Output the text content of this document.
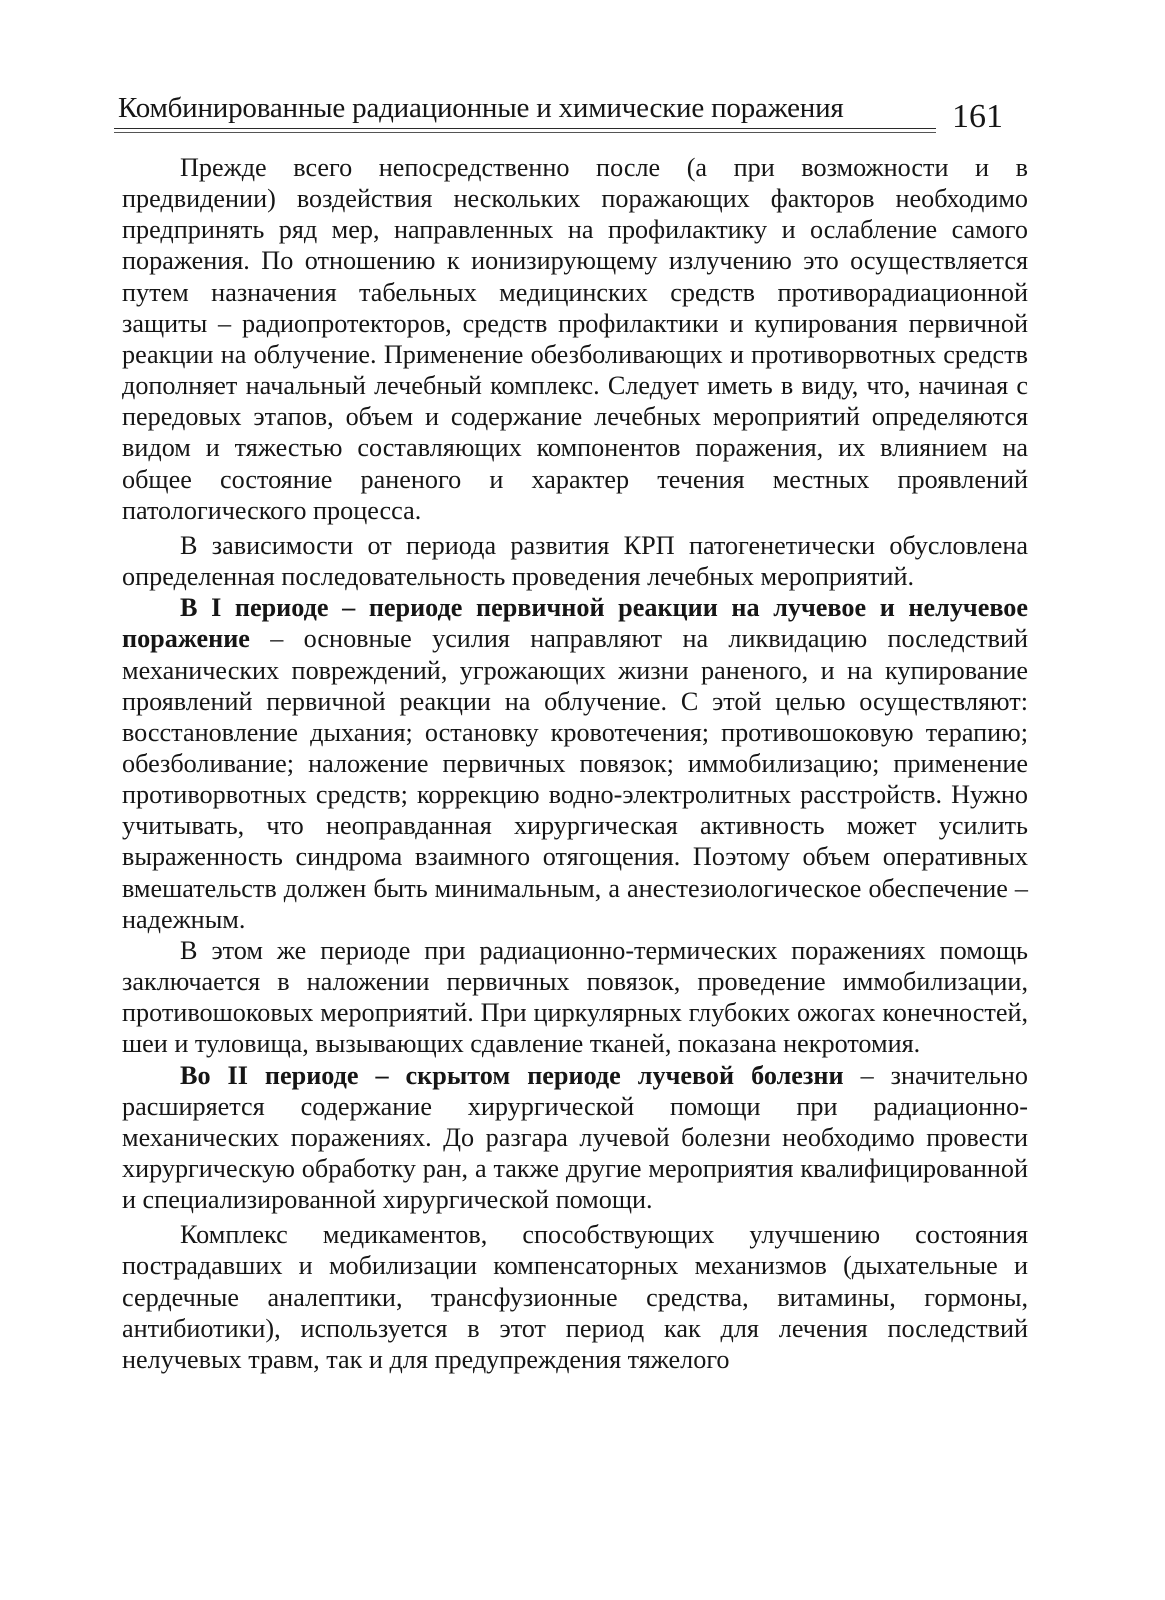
Комбинированные радиационные и химические поражения	161

Прежде всего непосредственно после (а при возможности и в предвидении) воздействия нескольких поражающих факторов необходимо предпринять ряд мер, направленных на профилактику и ослабление самого поражения. По отношению к ионизирующему излучению это осуществляется путем назначения табельных медицинских средств противорадиационной защиты – радиопротекторов, средств профилактики и купирования первичной реакции на облучение. Применение обезболивающих и противорвотных средств дополняет начальный лечебный комплекс. Следует иметь в виду, что, начиная с передовых этапов, объем и содержание лечебных мероприятий определяются видом и тяжестью составляющих компонентов поражения, их влиянием на общее состояние раненого и характер течения местных проявлений патологического процесса.

В зависимости от периода развития КРП патогенетически обусловлена определенная последовательность проведения лечебных мероприятий.

В I периоде – периоде первичной реакции на лучевое и нелучевое поражение – основные усилия направляют на ликвидацию последствий механических повреждений, угрожающих жизни раненого, и на купирование проявлений первичной реакции на облучение. С этой целью осуществляют: восстановление дыхания; остановку кровотечения; противошоковую терапию; обезболивание; наложение первичных повязок; иммобилизацию; применение противорвотных средств; коррекцию водно-электролитных расстройств. Нужно учитывать, что неоправданная хирургическая активность может усилить выраженность синдрома взаимного отягощения. Поэтому объем оперативных вмешательств должен быть минимальным, а анестезиологическое обеспечение – надежным.

В этом же периоде при радиационно-термических поражениях помощь заключается в наложении первичных повязок, проведение иммобилизации, противошоковых мероприятий. При циркулярных глубоких ожогах конечностей, шеи и туловища, вызывающих сдавление тканей, показана некротомия.

Во II периоде – скрытом периоде лучевой болезни – значительно расширяется содержание хирургической помощи при радиационно-механических поражениях. До разгара лучевой болезни необходимо провести хирургическую обработку ран, а также другие мероприятия квалифицированной и специализированной хирургической помощи.

Комплекс медикаментов, способствующих улучшению состояния пострадавших и мобилизации компенсаторных механизмов (дыхательные и сердечные аналептики, трансфузионные средства, витамины, гормоны, антибиотики), используется в этот период как для лечения последствий нелучевых травм, так и для предупреждения тяжелого
